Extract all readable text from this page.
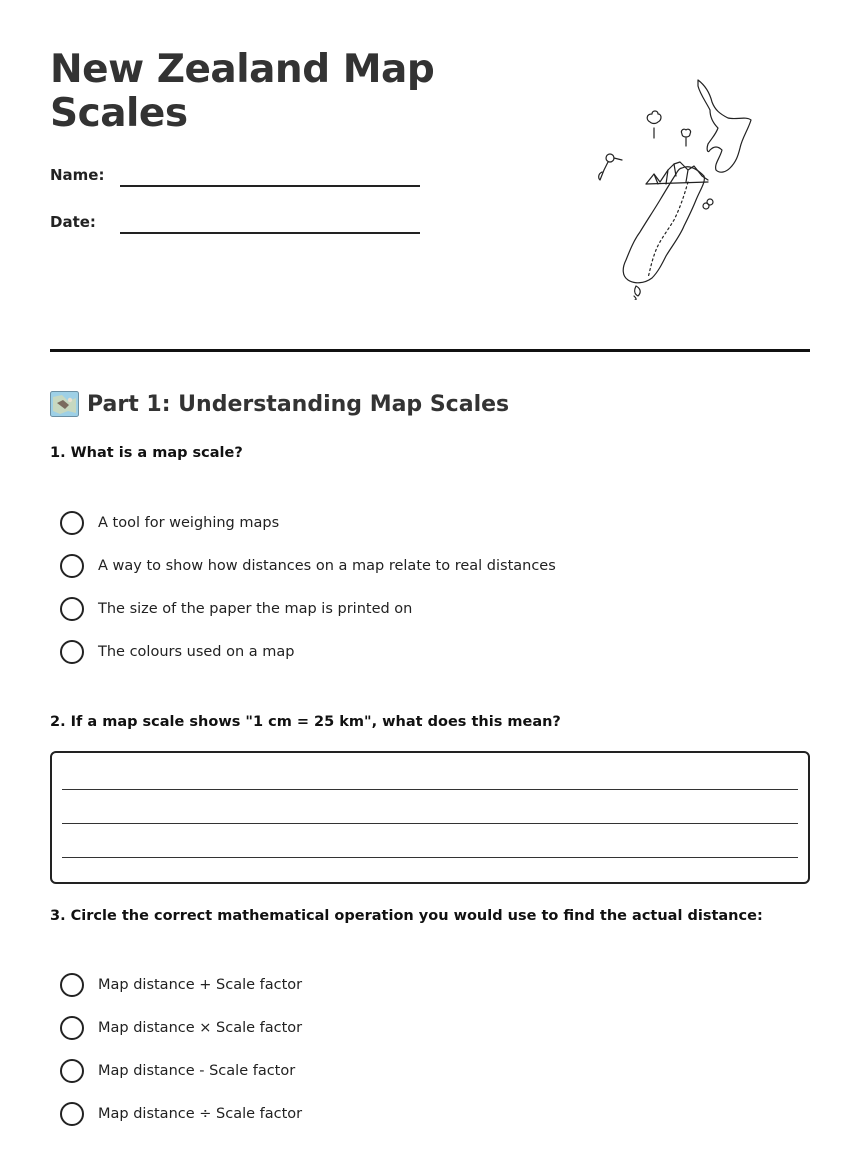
New Zealand Map
Scales
Name:
Date:
Part 1: Understanding Map Scales
1. What is a map scale?
A tool for weighing maps
A way to show how distances on a map relate to real distances
The size of the paper the map is printed on
The colours used on a map
2. If a map scale shows "1 cm = 25 km", what does this mean?
3. Circle the correct mathematical operation you would use to find the actual distance:
Map distance + Scale factor
Map distance × Scale factor
Map distance - Scale factor
Map distance ÷ Scale factor
